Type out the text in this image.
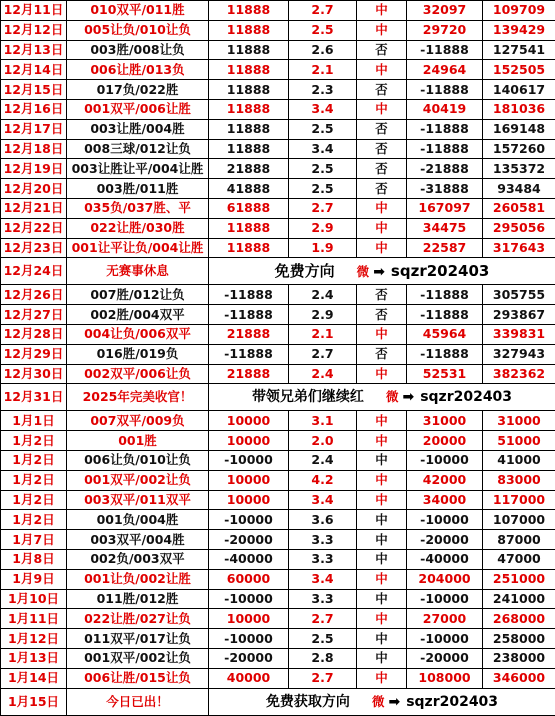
12月11日	010双平/011胜	11888	2.7	中	32097	109709
12月12日	005让负/010让负	11888	2.5	中	29720	139429
12月13日	003胜/008让负	11888	2.6	否	-11888	127541
12月14日	006让胜/013负	11888	2.1	中	24964	152505
12月15日	017负/022胜	11888	2.3	否	-11888	140617
12月16日	001双平/006让胜	11888	3.4	中	40419	181036
12月17日	003让胜/004胜	11888	2.5	否	-11888	169148
12月18日	008三球/012让负	11888	3.4	否	-11888	157260
12月19日	003让胜让平/004让胜	21888	2.5	否	-21888	135372
12月20日	003胜/011胜	41888	2.5	否	-31888	93484
12月21日	035负/037胜、平	61888	2.7	中	167097	260581
12月22日	022让胜/030胜	11888	2.9	中	34475	295056
12月23日	001让平让负/004让胜	11888	1.9	中	22587	317643
12月24日	无赛事休息	免费方向 微 ➡ sqzr202403				
12月26日	007胜/012让负	-11888	2.4	否	-11888	305755
12月27日	002胜/004双平	-11888	2.9	否	-11888	293867
12月28日	004让负/006双平	21888	2.1	中	45964	339831
12月29日	016胜/019负	-11888	2.7	否	-11888	327943
12月30日	002双平/006让负	21888	2.4	中	52531	382362
12月31日	2025年完美收官！	带领兄弟们继续红 微 ➡ sqzr202403				
1月1日	007双平/009负	10000	3.1	中	31000	31000
1月2日	001胜	10000	2.0	中	20000	51000
1月2日	006让负/010让负	-10000	2.4	中	-10000	41000
1月2日	001双平/002让负	10000	4.2	中	42000	83000
1月2日	003双平/011双平	10000	3.4	中	34000	117000
1月2日	001负/004胜	-10000	3.6	中	-10000	107000
1月7日	003双平/004胜	-20000	3.3	中	-20000	87000
1月8日	002负/003双平	-40000	3.3	中	-40000	47000
1月9日	001让负/002让胜	60000	3.4	中	204000	251000
1月10日	011胜/012胜	-10000	3.3	中	-10000	241000
1月11日	022让胜/027让负	10000	2.7	中	27000	268000
1月12日	011双平/017让负	-10000	2.5	中	-10000	258000
1月13日	001双平/002让负	-20000	2.8	中	-20000	238000
1月14日	006让胜/015让负	40000	2.7	中	108000	346000
1月15日	今日已出！	免费获取方向 微 ➡ sqzr202403				
